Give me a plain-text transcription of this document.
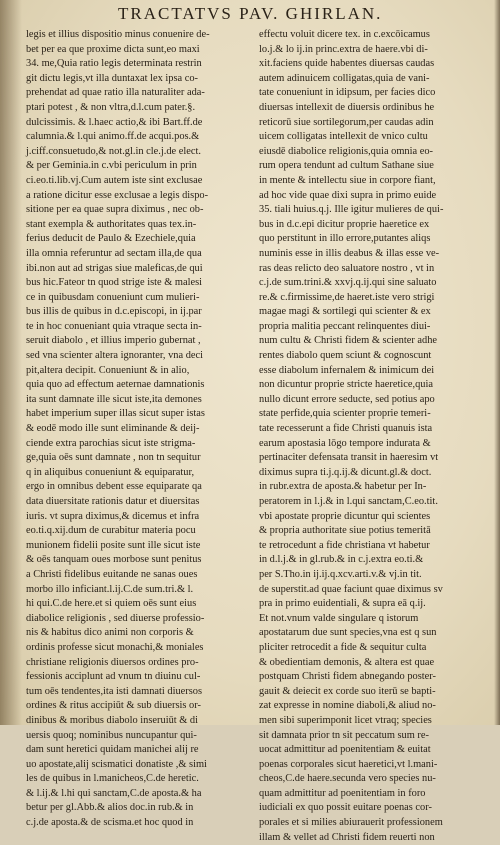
TRACTATVS PAV. GHIRLAN.
legis et illius dispositio minus conuenire de-
bet per ea que proxime dicta sunt,eo maxi
34. me,Quia ratio legis determinata restrin
git dictu legis,vt illa duntaxat lex ipsa co-
prehendat ad quae ratio illa naturaliter ada-
ptari potest , & non vltra,d.l.cum pater.§.
dulcissimis. & l.haec actio,& ibi Bart.ff.de
calumnia.& l.qui animo.ff.de acqui.pos.&
j.ciff.consuetudo,& not.gl.in cle.j.de elect.
& per Geminia.in c.vbi periculum in prin
ci.eo.ti.lib.vj.Cum autem iste sint exclusae
a ratione dicitur esse exclusae a legis dispo-
sitione per ea quae supra diximus , nec ob-
stant exempla & authoritates quas tex.in-
ferius deducit de Paulo & Ezechiele,quia
illa omnia referuntur ad sectam illa,de qua
ibi.non aut ad strigas siue maleficas,de qui
bus hic.Fateor tn quod strige iste & malesi
ce in quibusdam conueniunt cum mulieri-
bus illis de quibus in d.c.episcopi, in ij.par
te in hoc conueniant quia vtraque secta in-
seruit diabolo , et illius imperio gubernat ,
sed vna scienter altera ignoranter, vna deci
pit,altera decipit. Conueniunt & in alio,
quia quo ad effectum aeternae damnationis
ita sunt damnate ille sicut iste,ita demones
habet imperium super illas sicut super istas
& eodē modo ille sunt eliminande & deij-
ciende extra parochias sicut iste strigma-
ge,quia oēs sunt damnate , non tn sequitur
q in aliquibus conueniunt & equiparatur,
ergo in omnibus debent esse equiparate qa
data diuersitate rationis datur et diuersitas
iuris. vt supra diximus,& dicemus et infra
eo.ti.q.xij.dum de curabitur materia pocu
munionem fidelii posite sunt ille sicut iste
& oēs tanquam oues morbose sunt penitus
a Christi fidelibus euitande ne sanas oues
morbo illo inficiant.l.ij.C.de sum.tri.& l.
hi qui.C.de here.et si quiem oēs sunt eius
diabolice religionis , sed diuerse professio-
nis & habitus dico animi non corporis &
ordinis professe sicut monachi,& moniales
christiane religionis diuersos ordines pro-
fessionis acciplunt ad vnum tn diuinu cul-
tum oēs tendentes,ita isti damnati diuersos
ordines & ritus accipiūt & sub diuersis or-
dinibus & moribus diabolo inseruiūt & di
uersis quoq; nominibus nuncupantur qui-
dam sunt heretici quidam manichei alij re
uo apostate,alij scismatici donatiste ,& simi
les de quibus in l.manicheos,C.de heretic.
& l.ij.& l.hi qui sanctam,C.de aposta.& ha
betur per gl.Abb.& alios doc.in rub.& in
c.j.de aposta.& de scisma.et hoc quod in
effectu voluit dicere tex. in c.excōicamus
lo.j.& lo ij.in princ.extra de haere.vbi di-
xit.faciens quide habentes diuersas caudas
autem adinuicem colligatas,quia de vani-
tate conueniunt in idipsum, per facies dico
diuersas intellexit de diuersis ordinibus he
reticorū siue sortilegorum,per caudas adin
uicem colligatas intellexit de vnico cultu
eiusdē diabolice religionis,quia omnia eo-
rum opera tendunt ad cultum Sathane siue
in mente & intellectu siue in corpore fiant,
ad hoc vide quae dixi supra in primo euide
35. tiali huius.q.j. Ille igitur mulieres de qui-
bus in d.c.epi dicitur proprie haeretice ex
quo perstitunt in illo errore,putantes aliqs
numinis esse in illis deabus & illas esse ve-
ras deas relicto deo saluatore nostro , vt in
c.j.de sum.trini.& xxvj.q.ij.qui sine saluato
re.& c.firmissime,de haeret.iste vero strigi
magae magi & sortilegi qui scienter & ex
propria malitia peccant relinquentes diui-
num cultu & Christi fidem & scienter adhe
rentes diabolo quem sciunt & cognoscunt
esse diabolum infernalem & inimicum dei
non dicuntur proprie stricte haeretice,quia
nullo dicunt errore seducte, sed potius apo
state perfide,quia scienter proprie temeri-
tate recesserunt a fide Christi quanuis ista
earum apostasia lōgo tempore indurata &
pertinaciter defensata transit in haeresim vt
diximus supra ti.j.q.ij.& dicunt.gl.& doct.
in rubr.extra de aposta.& habetur per In-
peratorem in l.j.& in l.qui sanctam,C.eo.tit.
vbi apostate proprie dicuntur qui scientes
& propria authoritate siue potius temeritā
te retrocedunt a fide christiana vt habetur
in d.l.j.& in gl.rub.& in c.j.extra eo.ti.&
per S.Tho.in ij.ij.q.xcv.arti.v.& vj.in tit.
de superstit.ad quae faciunt quae diximus sv
pra in primo euidentiali, & supra eā q.ij.
Et not.vnum valde singulare q istorum
apostatarum due sunt species,vna est q sun
pliciter retrocedit a fide & sequitur culta
& obedientiam demonis, & altera est quae
postquam Christi fidem abnegando poster-
gauit & deiecit ex corde suo iterū se bapti-
zat expresse in nomine diaboli,& aliud no-
men sibi superimponit licet vtraq; species
sit damnata prior tn sit peccatum sum re-
uocat admittitur ad poenitentiam & euitat
poenas corporales sicut haeretici,vt l.mani-
cheos,C.de haere.secunda vero species nu-
quam admittitur ad poenitentiam in foro
iudiciali ex quo possit euitare poenas cor-
porales et si milies abiurauerit professionem
illam & vellet ad Christi fidem reuerti non
